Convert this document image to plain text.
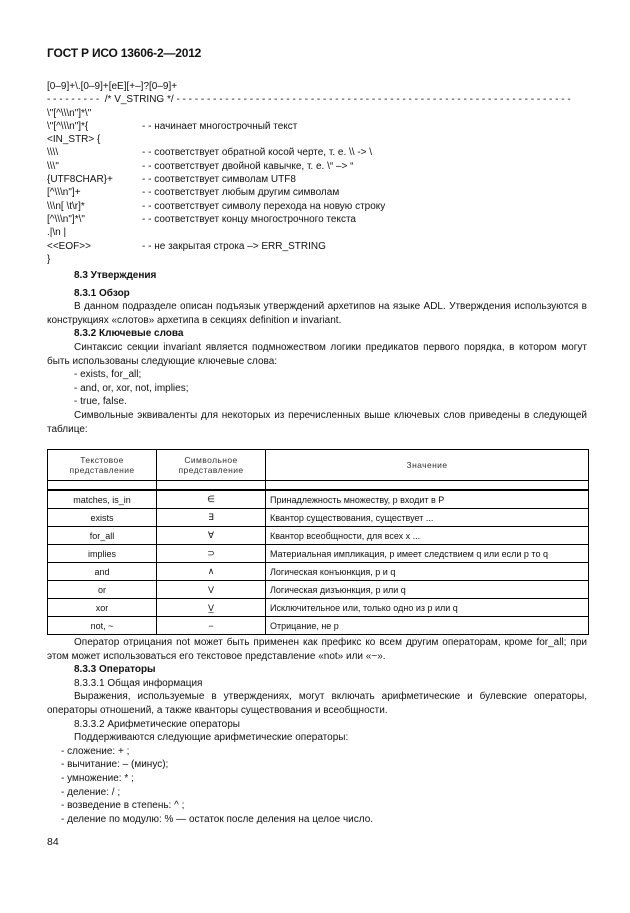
ГОСТ Р ИСО 13606-2—2012
[0–9]+\.[0–9]+[eE][+–]?[0–9]+
- - - - - - - - -  /* V_STRING */ - - - - - - - - - - - - - - - - - - - - - - - - - - - - - - - - - - - - - - - - - - - - - - - - - - - - - - - - - - - - - - - - -
\"[^\\\n"]*\"
\"[^\\\n"]*{	- - начинает многострочный текст
<IN_STR> {
\\\\	- - соответствует обратной косой черте, т. е. \\ -> \
\\\"	- - соответствует двойной кавычке, т. е. \“ –> “
{UTF8CHAR}+	- - соответствует символам UTF8
[^\\\n"]+	- - соответствует любым другим символам
\\\n[ \t\r]*	- - соответствует символу перехода на новую строку
[^\\\n"]*\"	- - соответствует концу многострочного текста
.|\n |
<<EOF>>	- - не закрытая строка –> ERR_STRING
}

8.3 Утверждения

8.3.1 Обзор

В данном подразделе описан подъязык утверждений архетипов на языке ADL. Утверждения используются в конструкциях «слотов» архетипа в секциях definition и invariant.

8.3.2 Ключевые слова

Синтаксис секции invariant является подмножеством логики предикатов первого порядка, в котором могут быть использованы следующие ключевые слова:

- exists, for_all;

- and, or, xor, not, implies;

- true, false.

Символьные эквиваленты для некоторых из перечисленных выше ключевых слов приведены в следующей таблице:

Текстовое представление	Символьное представление	Значение

matches, is_in	∈	Принадлежность множеству, p входит в P
exists	∃	Квантор существования, существует ...
for_all	∀	Квантор всеобщности, для всех x ...
implies	⊃	Материальная импликация, p имеет следствием q или если p то q
and	∧	Логическая конъюнкция, p и q
or	V	Логическая дизъюнкция, p или q
xor	V̲	Исключительное или, только одно из p или q
not, ~	−	Отрицание, не p

Оператор отрицания not может быть применен как префикс ко всем другим операторам, кроме for_all; при этом может использоваться его текстовое представление «not» или «~».

8.3.3 Операторы

8.3.3.1 Общая информация

Выражения, используемые в утверждениях, могут включать арифметические и булевские операторы, операторы отношений, а также кванторы существования и всеобщности.

8.3.3.2 Арифметические операторы

Поддерживаются следующие арифметические операторы:

- сложение: + ;

- вычитание: – (минус);

- умножение: * ;

- деление: / ;

- возведение в степень: ^ ;

- деление по модулю: % — остаток после деления на целое число.

84
